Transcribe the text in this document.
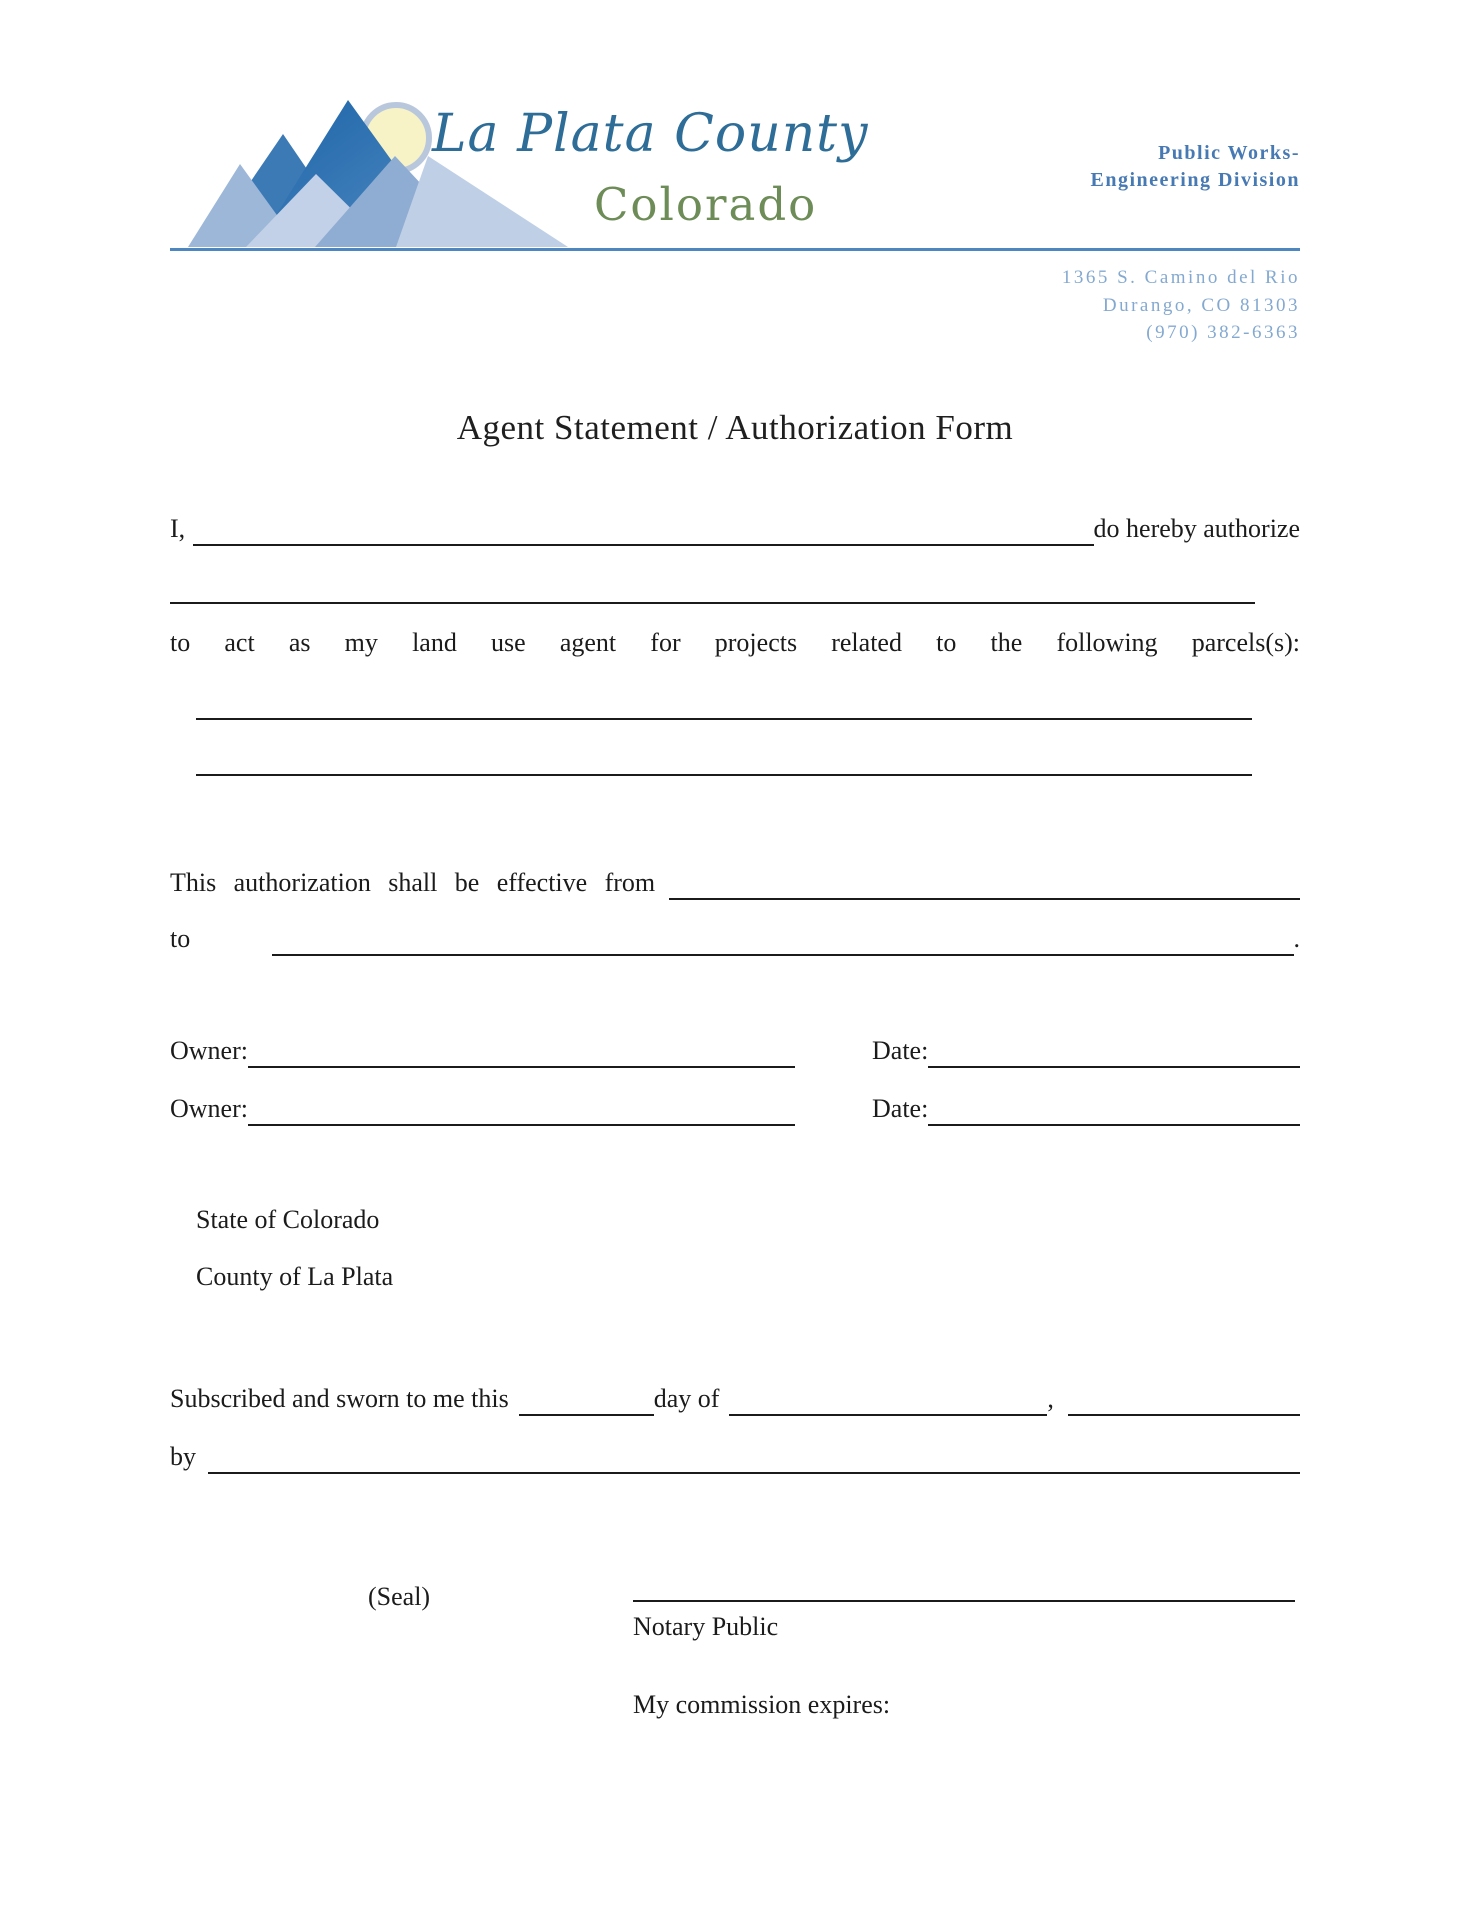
La Plata County
Colorado
Public Works-
Engineering Division
1365 S. Camino del Rio
Durango, CO 81303
(970) 382-6363
Agent Statement / Authorization Form
I,	do hereby authorize
to act as my land use agent for projects related to the following parcels(s):
This authorization shall be effective from
to	.
Owner:	Date:
Owner:	Date:
State of Colorado
County of La Plata
Subscribed and sworn to me this	day of	,
by
(Seal)
Notary Public
My commission expires:
